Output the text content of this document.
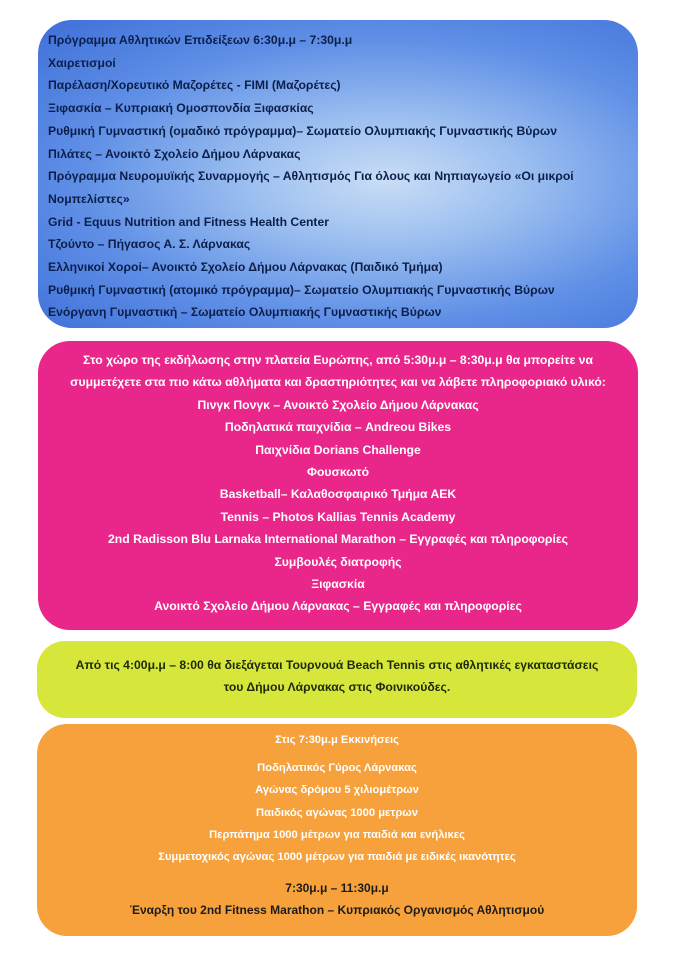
Πρόγραμμα Αθλητικών Επιδείξεων 6:30μ.μ – 7:30μ.μ

Χαιρετισμοί

Παρέλαση/Χορευτικό Μαζορέτες - FIMI (Μαζορέτες)

Ξιφασκία – Κυπριακή Ομοσπονδία Ξιφασκίας

Ρυθμική Γυμναστική (ομαδικό πρόγραμμα)– Σωματείο Ολυμπιακής Γυμναστικής Βύρων

Πιλάτες – Ανοικτό Σχολείο Δήμου Λάρνακας

Πρόγραμμα Νευρομυϊκής Συναρμογής – Αθλητισμός Για όλους και Νηπιαγωγείο «Οι μικροί Νομπελίστες»

Grid - Equus Nutrition and Fitness Health Center

Τζούντο – Πήγασος Α. Σ. Λάρνακας

Ελληνικοί Χοροί– Ανοικτό Σχολείο Δήμου Λάρνακας (Παιδικό Τμήμα)

Ρυθμική Γυμναστική (ατομικό πρόγραμμα)– Σωματείο Ολυμπιακής Γυμναστικής Βύρων

Ενόργανη Γυμναστική – Σωματείο Ολυμπιακής Γυμναστικής Βύρων

Στο χώρο της εκδήλωσης στην πλατεία Ευρώπης, από 5:30μ.μ – 8:30μ.μ θα μπορείτε να

συμμετέχετε στα πιο κάτω αθλήματα και δραστηριότητες και να λάβετε πληροφοριακό υλικό:

Πινγκ Πονγκ – Ανοικτό Σχολείο Δήμου Λάρνακας

Ποδηλατικά παιχνίδια – Andreou Bikes

Παιχνίδια Dorians Challenge

Φουσκωτό

Basketball– Καλαθοσφαιρικό Τμήμα ΑΕΚ

Tennis – Photos Kallias Tennis Academy

2nd Radisson Blu Larnaka International Marathon – Εγγραφές και πληροφορίες

Συμβουλές διατροφής

Ξιφασκία

Ανοικτό Σχολείο Δήμου Λάρνακας – Εγγραφές και πληροφορίες

Από τις 4:00μ.μ – 8:00 θα διεξάγεται Τουρνουά Beach Tennis στις αθλητικές εγκαταστάσεις

του Δήμου Λάρνακας στις Φοινικούδες.

Στις 7:30μ.μ Εκκινήσεις

Ποδηλατικός Γύρος Λάρνακας

Αγώνας δρόμου 5 χιλιομέτρων

Παιδικός αγώνας 1000 μετρων

Περπάτημα 1000 μέτρων για παιδιά και ενήλικες

Συμμετοχικός αγώνας 1000 μέτρων για παιδιά με ειδικές ικανότητες

7:30μ.μ – 11:30μ.μ

Έναρξη του 2nd Fitness Marathon – Κυπριακός Οργανισμός Αθλητισμού
